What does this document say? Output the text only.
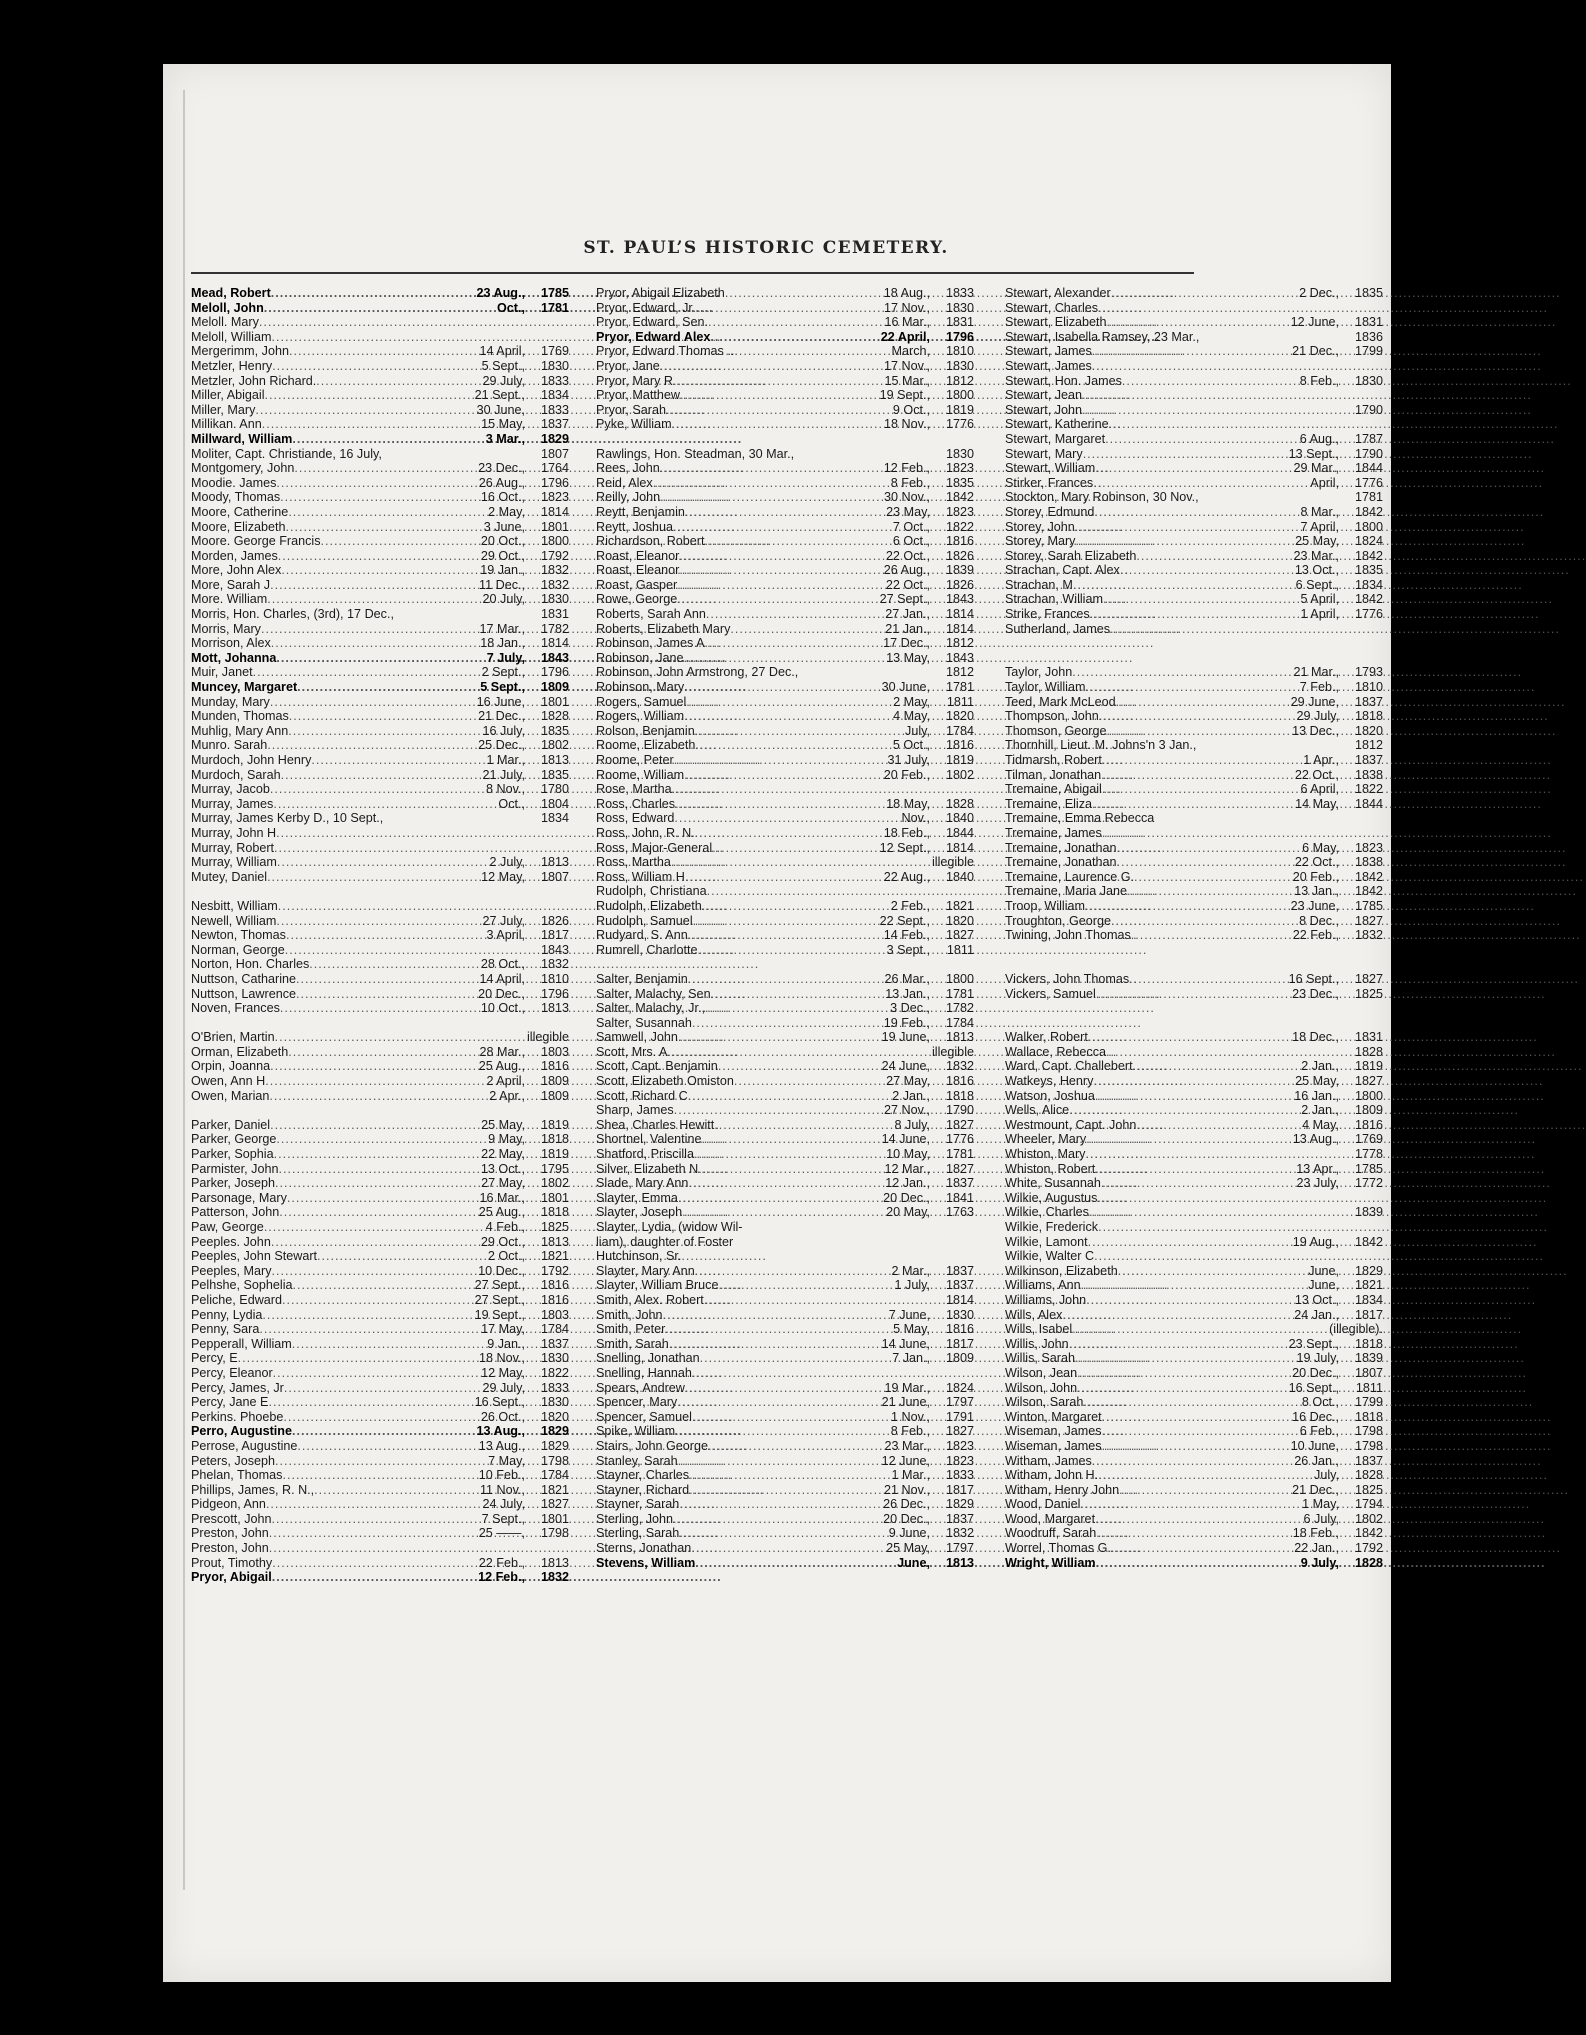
ST. PAUL’S HISTORIC CEMETERY.
Mead, Robert .....	23 Aug.,	1785
Meloll, John .....	Oct.,	1781
Meloll. Mary
.....
Meloll, William
.....
Mergerimm, John .....	14 April,	1769
Metzler, Henry .....	5 Sept.,	1830
Metzler, John Richard. .....	29 July,	1833
Miller, Abigail .....	21 Sept.,	1834
Miller, Mary .....	30 June,	1833
Millikan. Ann .....	15 May,	1837
Millward, William .....	3 Mar.,	1829
Moliter, Capt. Christiande, 16 July,	1807
Montgomery, John .....	23 Dec.,	1764
Moodie. James .....	26 Aug.,	1796
Moody, Thomas .....	16 Oct.,	1823
Moore, Catherine .....	2 May,	1814
Moore, Elizabeth .....	3 June,	1801
Moore. George Francis .....	20 Oct.,	1800
Morden, James .....	29 Oct.,	1792
More, John Alex .....	19 Jan.,	1832
More, Sarah J .....	11 Dec.,	1832
More. William .....	20 July,	1830
Morris, Hon. Charles, (3rd), 17 Dec.,	1831
Morris, Mary .....	17 Mar.,	1782
Morrison, Alex .....	18 Jan.,	1814
Mott, Johanna .....	7 July,	1843
Muir, Janet .....	2 Sept.,	1796
Muncey, Margaret .....	5 Sept.,	1809
Munday, Mary .....	16 June,	1801
Munden, Thomas .....	21 Dec.,	1828
Muhlig, Mary Ann .....	16 July,	1835
Munro. Sarah .....	25 Dec.,	1802
Murdoch, John Henry .....	1 Mar.,	1813
Murdoch, Sarah .....	21 July,	1835
Murray, Jacob .....	8 Nov.,	1780
Murray, James .....	Oct.,	1804
Murray, James Kerby D., 10 Sept.,	1834
Murray, John H
.....
Murray, Robert
.....
Murray, William .....	2 July,	1813
Mutey, Daniel .....	12 May,	1807
Nesbitt, William
.....
Newell, William .....	27 July,	1826
Newton, Thomas .....	3 April,	1817
Norman, George .....	1843
Norton, Hon. Charles .....	28 Oct.,	1832
Nuttson, Catharine .....	14 April,	1810
Nuttson, Lawrence .....	20 Dec.,	1796
Noven, Frances .....	10 Oct.,	1813
O'Brien, Martin .....	illegible
Orman, Elizabeth .....	28 Mar.,	1803
Orpin, Joanna .....	25 Aug.,	1816
Owen, Ann H .....	2 April,	1809
Owen, Marian .....	2 Apr.,	1809
Parker, Daniel .....	25 May,	1819
Parker, George .....	9 May,	1818
Parker, Sophia .....	22 May,	1819
Parmister, John .....	13 Oct.,	1795
Parker, Joseph .....	27 May,	1802
Parsonage, Mary .....	16 Mar.,	1801
Patterson, John .....	25 Aug.,	1818
Paw, George .....	4 Feb.,	1825
Peeples. John .....	29 Oct.,	1813
Peeples, John Stewart .....	2 Oct.,	1821
Peeples, Mary .....	10 Dec.,	1792
Pelhshe, Sophelia .....	27 Sept.,	1816
Peliche, Edward .....	27 Sept.,	1816
Penny, Lydia .....	19 Sept.,	1803
Penny, Sara .....	17 May,	1784
Pepperall, William .....	9 Jan.,	1837
Percy, E .....	18 Nov.,	1830
Percy, Eleanor .....	12 May,	1822
Percy, James, Jr .....	29 July,	1833
Percy, Jane E .....	16 Sept.,	1830
Perkins. Phoebe .....	26 Oct.,	1820
Perro, Augustine .....	13 Aug.,	1829
Perrose, Augustine .....	13 Aug.,	1829
Peters, Joseph .....	7 May,	1798
Phelan, Thomas .....	10 Feb.,	1784
Phillips, James, R. N., .....	11 Nov.,	1821
Pidgeon, Ann .....	24 July,	1827
Prescott, John .....	7 Sept.,	1801
Preston, John .....	25 ——,	1798
Preston, John
.....
Prout, Timothy .....	22 Feb.,	1813
Pryor, Abigail .....	12 Feb.,	1832
Pryor, Abigail Elizabeth .....	18 Aug.,	1833
Pryor, Edward, Jr .....	17 Nov.,	1830
Pryor, Edward, Sen. .....	16 Mar.,	1831
Pryor, Edward Alex .....	22 April,	1796
Pryor, Edward Thomas .. .....	March,	1810
Pryor, Jane .....	17 Nov.,	1830
Pryor, Mary R .....	15 Mar.,	1812
Pryor, Matthew .....	19 Sept.,	1800
Pryor, Sarah .....	9 Oct.,	1819
Pyke, William .....	18 Nov.,	1776
Rawlings, Hon. Steadman, 30 Mar.,	1830
Rees, John .....	12 Feb.,	1823
Reid, Alex .....	8 Feb.,	1835
Reilly, John .....	30 Nov.,	1842
Reytt, Benjamin .....	23 May,	1823
Reytt, Joshua .....	7 Oct.,	1822
Richardson, Robert .....	6 Oct.,	1816
Roast, Eleanor .....	22 Oct.,	1826
Roast, Eleanor .....	26 Aug.,	1839
Roast, Gasper .....	22 Oct.,	1826
Rowe, George .....	27 Sept.,	1843
Roberts, Sarah Ann .....	27 Jan.,	1814
Roberts, Elizabeth Mary .....	21 Jan.,	1814
Robinson, James A .....	17 Dec.,	1812
Robinson, Jane .....	13 May,	1843
Robinson, John Armstrong, 27 Dec.,	1812
Robinson, Mary .....	30 June,	1781
Rogers, Samuel .....	2 May,	1811
Rogers, William .....	4 May,	1820
Rolson, Benjamin .....	July,	1784
Roome, Elizabeth .....	5 Oct.,	1816
Roome, Peter .....	31 July,	1819
Roome, William .....	20 Feb.,	1802
Rose, Martha
.....
Ross, Charles .....	18 May,	1828
Ross, Edward .....	Nov.,	1840
Ross, John, R. N. .....	18 Feb.,	1844
Ross, Major-General .....	12 Sept.,	1814
Ross, Martha .....	illegible
Ross, William H .....	22 Aug.,	1840
Rudolph, Christiana
.....
Rudolph, Elizabeth .....	2 Feb.,	1821
Rudolph, Samuel .....	22 Sept.,	1820
Rudyard, S. Ann .....	14 Feb.,	1827
Rumrell, Charlotte .....	3 Sept.,	1811
Salter, Benjamin .....	26 Mar.,	1800
Salter, Malachy, Sen .....	13 Jan.,	1781
Salter, Malachy, Jr., .....	3 Dec.,	1782
Salter, Susannah .....	19 Feb.,	1784
Samwell, John .....	19 June,	1813
Scott, Mrs. A .....	illegible
Scott, Capt. Benjamin .....	24 June,	1832
Scott, Elizabeth Omiston .....	27 May,	1816
Scott, Richard C .....	2 Jan.,	1818
Sharp, James .....	27 Nov.,	1790
Shea, Charles Hewitt .....	8 July,	1827
Shortnel, Valentine .....	14 June,	1776
Shatford, Priscilla .....	10 May,	1781
Silver, Elizabeth N .....	12 Mar.,	1827
Slade, Mary Ann .....	12 Jan.,	1837
Slayter, Emma .....	20 Dec.,	1841
Slayter, Joseph .....	20 May,	1763
Slayter, Lydia, (widow Wil-
liam), daughter of Foster
Hutchinson, Sr.
Slayter, Mary Ann .....	2 Mar.,	1837
Slayter, William Bruce .....	1 July,	1837
Smith, Alex. Robert .....	1814
Smith, John .....	7 June,	1830
Smith, Peter .....	5 May,	1816
Smith, Sarah .....	14 June,	1817
Snelling, Jonathan .....	7 Jan.,	1809
Snelling, Hannah
.....
Spears, Andrew .....	19 Mar.,	1824
Spencer, Mary .....	21 June,	1797
Spencer, Samuel .....	1 Nov.,	1791
Spike, William .....	8 Feb.,	1827
Stairs, John George .....	23 Mar.,	1823
Stanley, Sarah .....	12 June,	1823
Stayner, Charles .....	1 Mar.,	1833
Stayner, Richard .....	21 Nov.,	1817
Stayner, Sarah .....	26 Dec.,	1829
Sterling, John .....	20 Dec.,	1837
Sterling, Sarah .....	9 June,	1832
Sterns, Jonathan .....	25 May,	1797
Stevens, William .....	June,	1813
Stewart, Alexander .....	2 Dec.,	1835
Stewart, Charles
.....
Stewart, Elizabeth .....	12 June,	1831
Stewart, Isabella Ramsey, 23 Mar.,	1836
Stewart, James .....	21 Dec.,	1799
Stewart, James
.....
Stewart, Hon. James .....	8 Feb.,	1830
Stewart, Jean
.....
Stewart, John .....	1790
Stewart, Katherine
.....
Stewart, Margaret .....	6 Aug.,	1787
Stewart, Mary .....	13 Sept.,	1790
Stewart, William .....	29 Mar.,	1844
Stirker, Frances .....	April,	1776
Stockton, Mary Robinson, 30 Nov.,	1781
Storey, Edmund .....	8 Mar.,	1842
Storey, John .....	7 April,	1800
Storey, Mary .....	25 May,	1824
Storey, Sarah Elizabeth .....	23 Mar.,	1842
Strachan, Capt. Alex .....	13 Oct.,	1835
Strachan, M .....	6 Sept.,	1834
Strachan, William .....	5 April,	1842
Strike, Frances .....	1 April,	1776
Sutherland, James
.....
Taylor, John .....	21 Mar.,	1793
Taylor, William .....	7 Feb.,	1810
Teed, Mark McLeod .....	29 June,	1837
Thompson, John .....	29 July,	1818
Thomson, George .....	13 Dec.,	1820
Thornhill, Lieut. M. Johns'n 3 Jan.,	1812
Tidmarsh, Robert .....	1 Apr.,	1837
Tilman, Jonathan .....	22 Oct.,	1838
Tremaine, Abigail .....	6 April,	1822
Tremaine, Eliza .....	14 May,	1844
Tremaine, Emma Rebecca
Tremaine, James
.....
Tremaine, Jonathan .....	6 May,	1823
Tremaine, Jonathan .....	22 Oct.,	1838
Tremaine, Laurence G. .....	20 Feb.,	1842
Tremaine, Maria Jane .....	13 Jan.,	1842
Troop, William .....	23 June,	1785
Troughton, George .....	8 Dec.,	1827
Twining, John Thomas .....	22 Feb.,	1832
Vickers, John Thomas .....	16 Sept.,	1827
Vickers, Samuel .....	23 Dec.,	1825
Walker, Robert .....	18 Dec.,	1831
Wallace, Rebecca .....	1828
Ward, Capt. Challebert .....	2 Jan.,	1819
Watkeys, Henry .....	25 May,	1827
Watson, Joshua .....	16 Jan.,	1800
Wells, Alice .....	2 Jan.,	1809
Westmount, Capt. John .....	4 May,	1816
Wheeler, Mary .....	13 Aug.,	1769
Whiston, Mary .....	1778
Whiston, Robert .....	13 Apr.,	1785
White, Susannah .....	23 July,	1772
Wilkie, Augustus
.....
Wilkie, Charles .....	1839
Wilkie, Frederick
.....
Wilkie, Lamont .....	19 Aug.,	1842
Wilkie, Walter C
.....
Wilkinson, Elizabeth .....	June,	1829
Williams, Ann .....	June,	1821
Williams, John .....	13 Oct.,	1834
Wills, Alex .....	24 Jan.,	1817
Wills, Isabel .....	(illegible).
Willis, John .....	23 Sept.,	1818
Willis, Sarah .....	19 July,	1839
Wilson, Jean .....	20 Dec.,	1807
Wilson, John .....	16 Sept.,	1811
Wilson, Sarah .....	8 Oct.,	1799
Winton, Margaret .....	16 Dec.,	1818
Wiseman, James .....	6 Feb.,	1798
Wiseman, James .....	10 June,	1798
Witham, James .....	26 Jan.,	1837
Witham, John H. .....	July,	1828
Witham, Henry John .....	21 Dec.,	1825
Wood, Daniel .....	1 May,	1794
Wood, Margaret .....	6 July,	1802
Woodruff, Sarah .....	18 Feb.,	1842
Worrel, Thomas G. .....	22 Jan.,	1792
Wright, William .....	9 July,	1828
